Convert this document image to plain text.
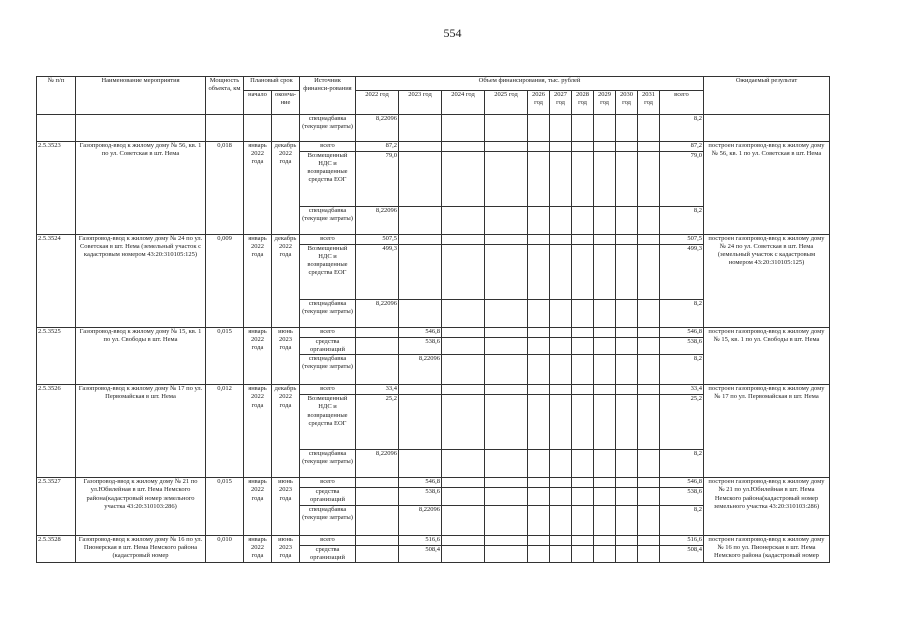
554
№ п/п	Наименование мероприятия	Мощность объекта, км	Плановый срок		Источник финанси-рования	Объем финансирования, тыс. рублей											Ожидаемый результат
			начало	оконча-ние		2022 год	2023 год	2024 год	2025 год	2026 год	2027 год	2028 год	2029 год	2030 год	2031 год	всего	
					спецнадбавка (текущие затраты)	8,22096										8,2	
2.5.3523	Газопровод-ввод к жилому дому № 56, кв. 1 по ул. Советская в шт. Нема	0,018	январь 2022 года	декабрь 2022 года	всего	87,2										87,2	построен газопровод-ввод к жилому дому № 56, кв. 1 по ул. Советская в шт. Нема
					Возмещенный НДС и возвращенные средства ЕОГ	79,0										79,0	
					спецнадбавка (текущие затраты)	8,22096										8,2	
2.5.3524	Газопровод-ввод к жилому дому № 24 по ул. Советская в шт. Нема (земельный участок с кадастровым номером 43:20:310105:125)	0,009	январь 2022 года	декабрь 2022 года	всего	507,5										507,5	построен газопровод-ввод к жилому дому № 24 по ул. Советская в шт. Нема (земельный участок с кадастровым номером 43:20:310105:125)
					Возмещенный НДС и возвращенные средства ЕОГ	499,3										499,3	
					спецнадбавка (текущие затраты)	8,22096										8,2	
2.5.3525	Газопровод-ввод к жилому дому № 15, кв. 1 по ул. Свободы в шт. Нема	0,015	январь 2022 года	июнь 2023 года	всего		546,8									546,8	построен газопровод-ввод к жилому дому № 15, кв. 1 по ул. Свободы в шт. Нема
					средства организаций		538,6									538,6	
					спецнадбавка (текущие затраты)		8,22096									8,2	
2.5.3526	Газопровод-ввод к жилому дому № 17 по ул. Первомайская в шт. Нема	0,012	январь 2022 года	декабрь 2022 года	всего	33,4										33,4	построен газопровод-ввод к жилому дому № 17 по ул. Первомайская в шт. Нема
					Возмещенный НДС и возвращенные средства ЕОГ	25,2										25,2	
					спецнадбавка (текущие затраты)	8,22096										8,2	
2.5.3527	Газопровод-ввод к жилому дому № 21 по ул.Юбилейная в шт. Нема Немского района(кадастровый номер земельного участка 43:20:310103:286)	0,015	январь 2022 года	июнь 2023 года	всего		546,8									546,8	построен газопровод-ввод к жилому дому № 21 по ул.Юбилейная в шт. Нема Немского района(кадастровый номер земельного участка 43:20:310103:286)
					средства организаций		538,6									538,6	
					спецнадбавка (текущие затраты)		8,22096									8,2	
2.5.3528	Газопровод-ввод к жилому дому № 16 по ул. Пионерская в шт. Нема Немского района (кадастровый номер	0,010	январь 2022 года	июнь 2023 года	всего		516,6									516,6	построен газопровод-ввод к жилому дому № 16 по ул. Пионерская в шт. Нема Немского района (кадастровый номер
					средства организаций		508,4									508,4	
